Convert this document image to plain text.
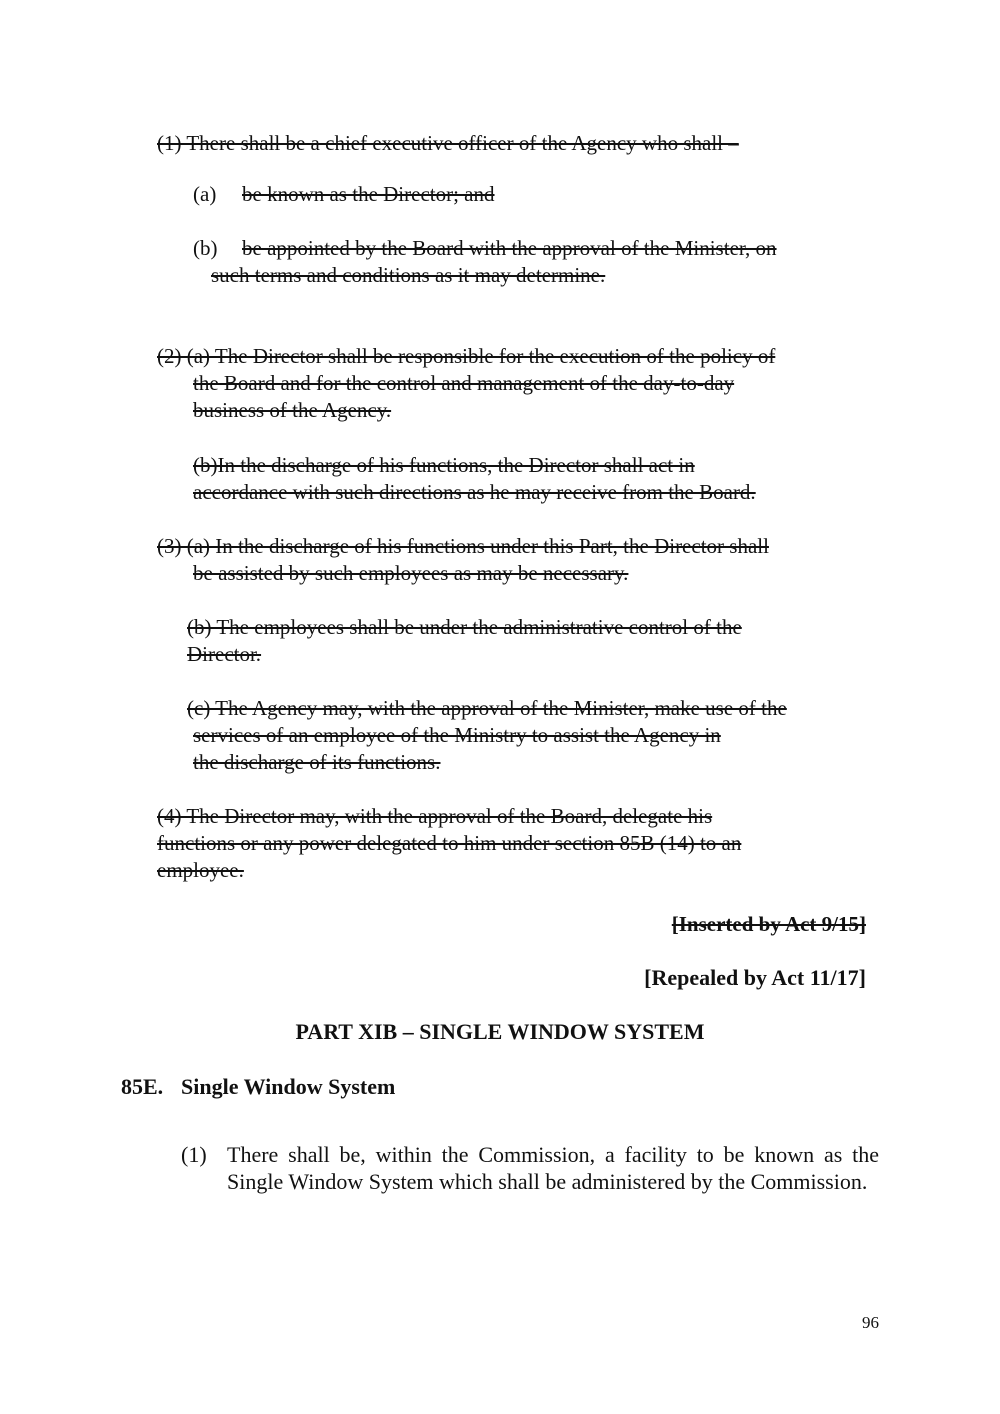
(1) There shall be a chief executive officer of the Agency who shall –
(a) be known as the Director; and
(b) be appointed by the Board with the approval of the Minister, on
such terms and conditions as it may determine.
(2) (a) The Director shall be responsible for the execution of the policy of
the Board and for the control and management of the day-to-day
business of the Agency.
(b)In the discharge of his functions, the Director shall act in
accordance with such directions as he may receive from the Board.
(3) (a) In the discharge of his functions under this Part, the Director shall
be assisted by such employees as may be necessary.
(b) The employees shall be under the administrative control of the
Director.
(c) The Agency may, with the approval of the Minister, make use of the
services of an employee of the Ministry to assist the Agency in
the discharge of its functions.
(4) The Director may, with the approval of the Board, delegate his
functions or any power delegated to him under section 85B (14) to an
employee.
[Inserted by Act 9/15]
[Repealed by Act 11/17]
PART XIB – SINGLE WINDOW SYSTEM
85E. Single Window System
(1) There shall be, within the Commission, a facility to be known as the Single Window System which shall be administered by the Commission.
96
